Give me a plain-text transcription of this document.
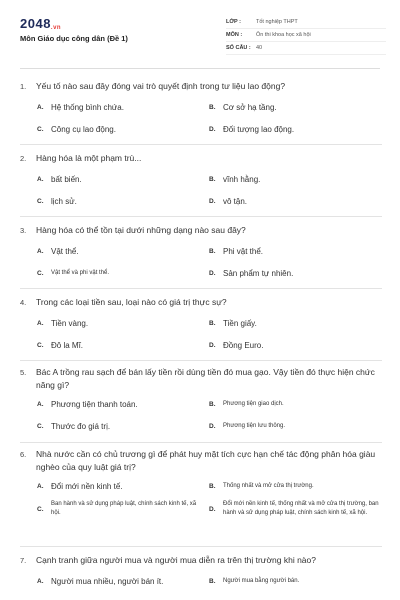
2048.vn
Môn Giáo dục công dân (Đề 1)
LỚP :	Tốt nghiệp THPT
MÔN :	Ôn thi khoa học xã hội
SỐ CÂU : 40
1.	Yếu tố nào sau đây đóng vai trò quyết định trong tư liệu lao động?
A. Hệ thống bình chứa.	B. Cơ sở hạ tầng.
C. Công cụ lao động.	D. Đối tượng lao động.
2.	Hàng hóa là một phạm trù...
A. bất biến.	B. vĩnh hằng.
C. lịch sử.	D. vô tận.
3.	Hàng hóa có thể tồn tại dưới những dạng nào sau đây?
A. Vật thể.	B. Phi vật thể.
C.	Vật thể và phi vật thể.	D. Sản phẩm tự nhiên.
4.	Trong các loại tiền sau, loại nào có giá trị thực sự?
A. Tiền vàng.	B. Tiền giấy.
C. Đô la Mĩ.	D. Đồng Euro.
5.	Bác A trồng rau sạch để bán lấy tiền rồi dùng tiền đó mua gạo. Vậy tiền đó thực hiện chức năng gì?
A. Phương tiện thanh toán.	B.	Phương tiện giao dịch.
C. Thước đo giá trị.	D.	Phương tiện lưu thông.
6.	Nhà nước cần có chủ trương gì để phát huy mặt tích cực hạn chế tác động phân hóa giàu nghèo của quy luật giá trị?
A. Đổi mới nền kinh tế.	B.	Thống nhất và mở cửa thị trường.
C.
Ban hành và sử dụng pháp luật, chính sách kinh tế, xã hội.	D.
Đổi mới nền kinh tế, thống nhất và mở cửa thị trường, ban hành và sử dụng pháp luật, chính sách kinh tế, xã hội.
7.	Cạnh tranh giữa người mua và người mua diễn ra trên thị trường khi nào?
A. Người mua nhiều, người bán ít.	B.	Người mua bằng người bán.
